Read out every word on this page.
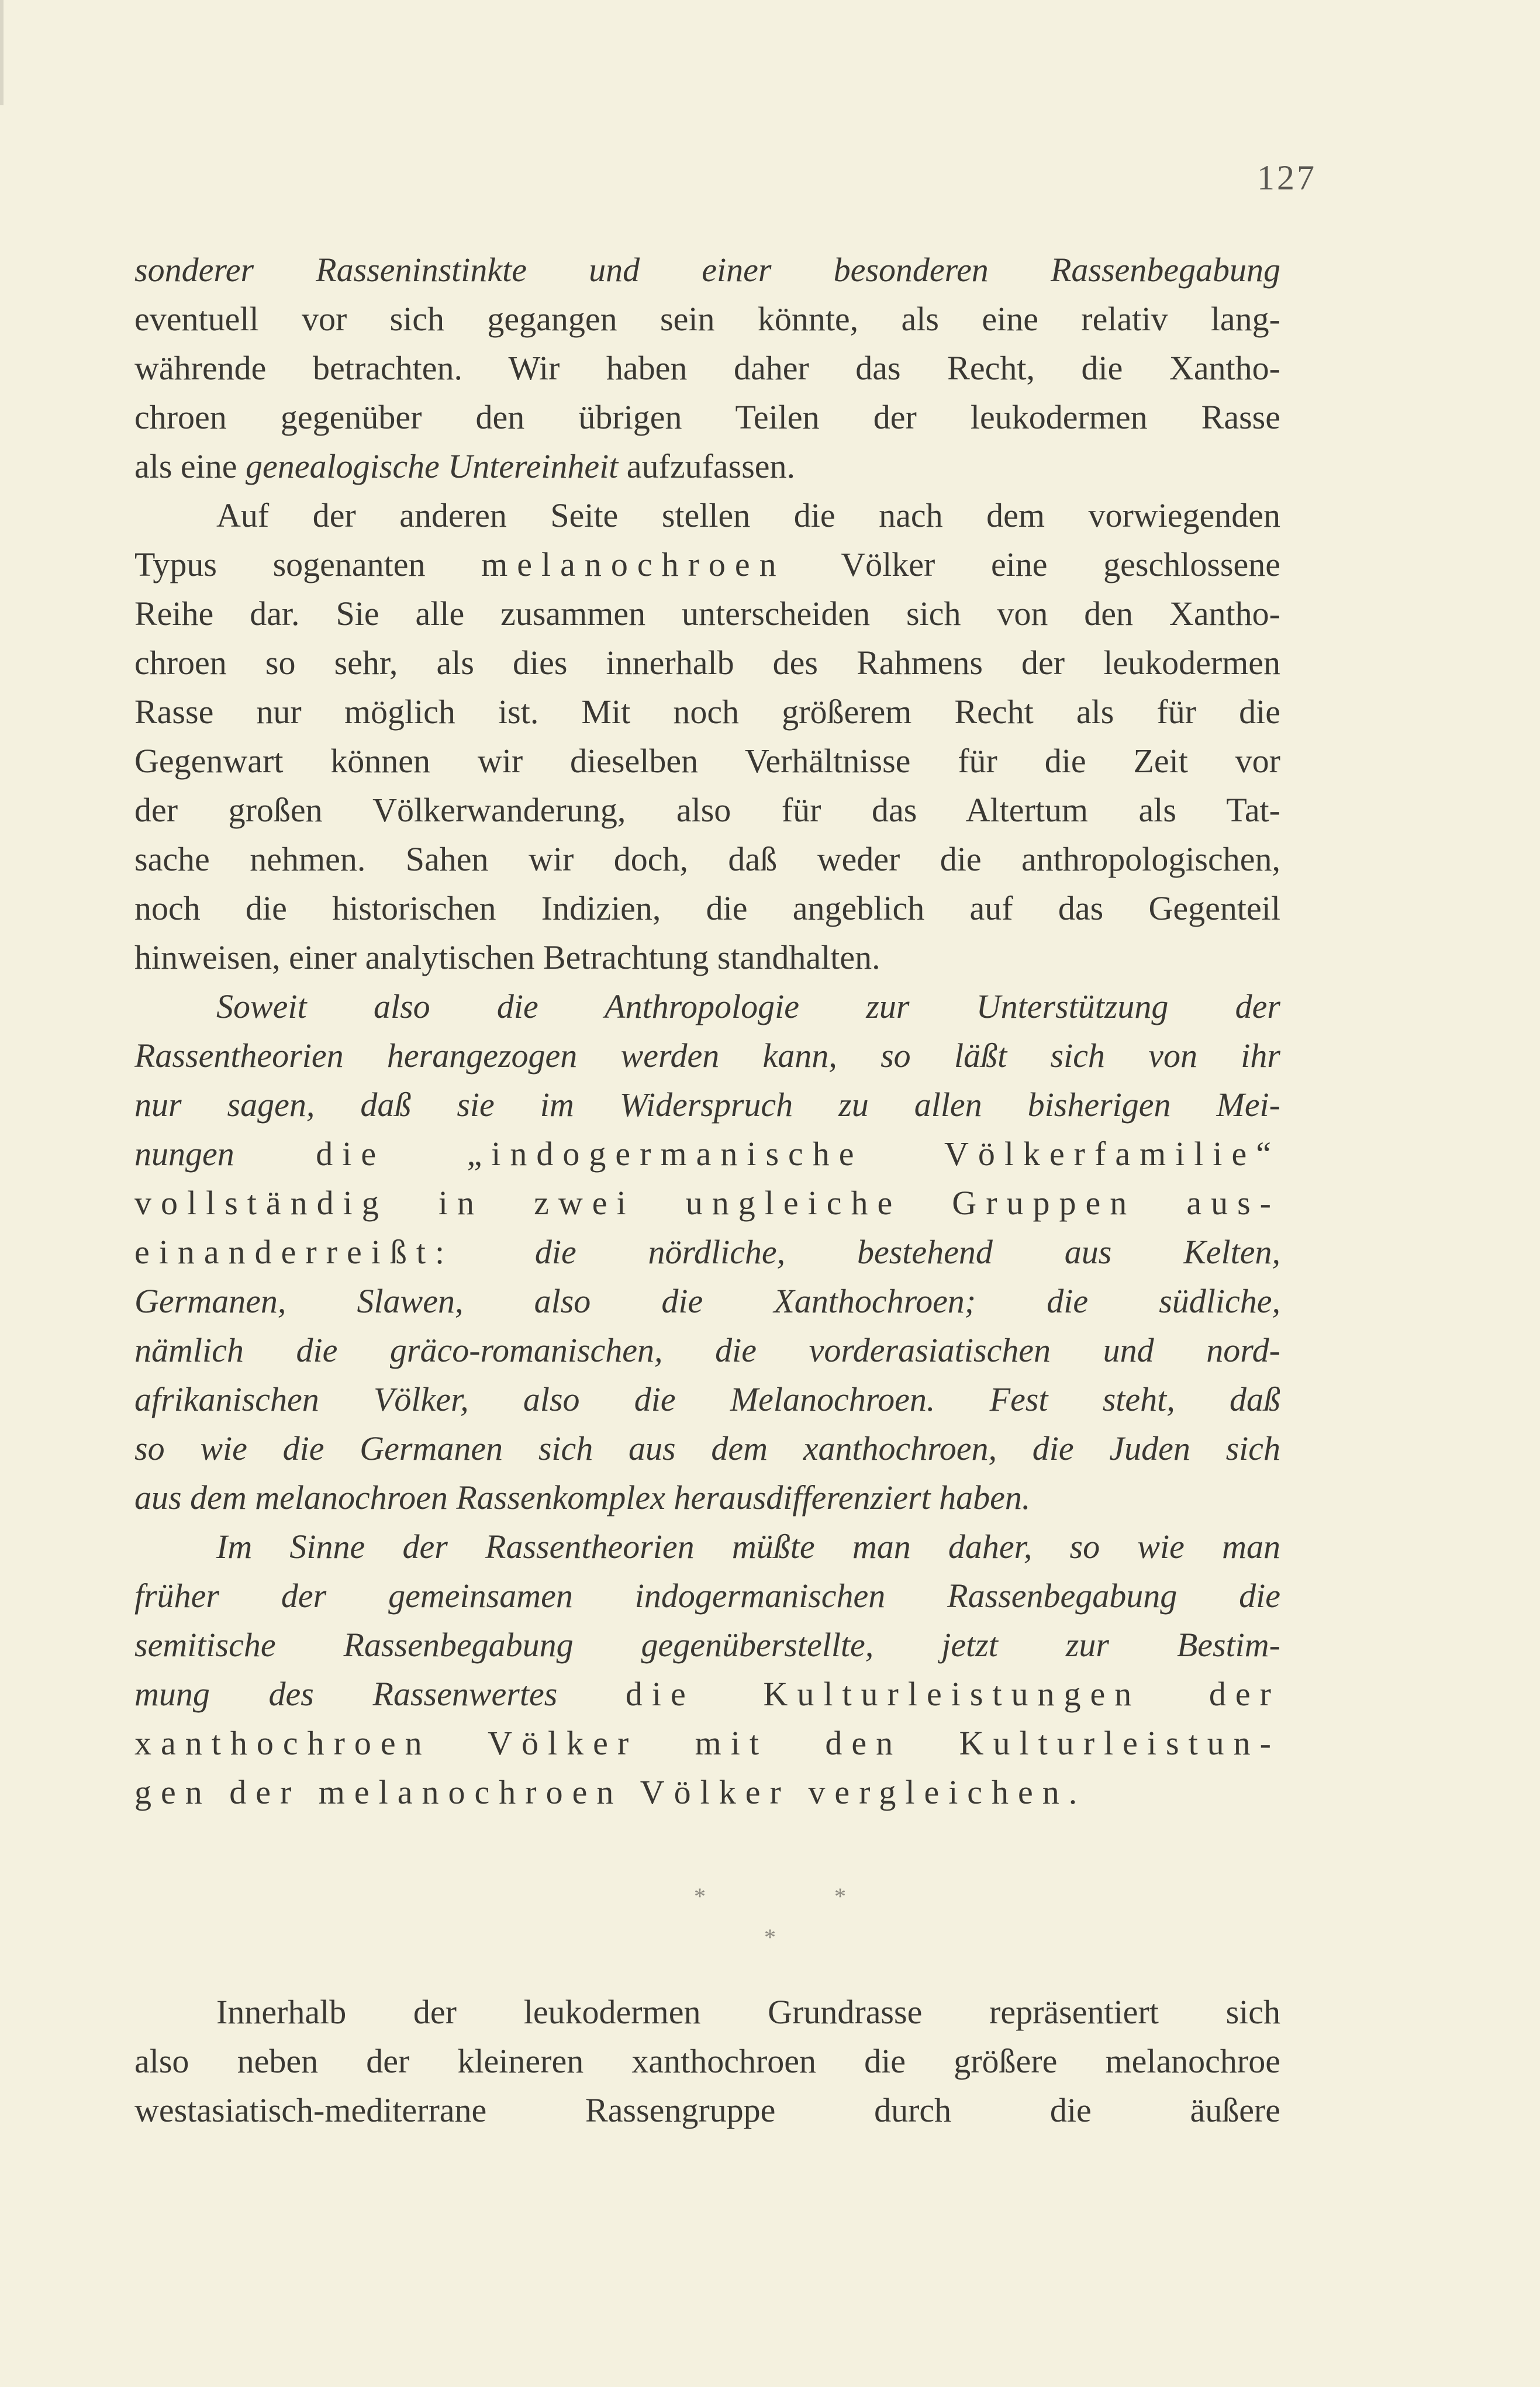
127
sonderer Rasseninstinkte und einer besonderen Rassenbegabung
eventuell vor sich gegangen sein könnte, als eine relativ lang-
währende betrachten. Wir haben daher das Recht, die Xantho-
chroen gegenüber den übrigen Teilen der leukodermen Rasse
als eine genealogische Untereinheit aufzufassen.
Auf der anderen Seite stellen die nach dem vorwiegenden
Typus sogenanten melanochroen Völker eine geschlossene
Reihe dar. Sie alle zusammen unterscheiden sich von den Xantho-
chroen so sehr, als dies innerhalb des Rahmens der leukodermen
Rasse nur möglich ist. Mit noch größerem Recht als für die
Gegenwart können wir dieselben Verhältnisse für die Zeit vor
der großen Völkerwanderung, also für das Altertum als Tat-
sache nehmen. Sahen wir doch, daß weder die anthropologischen,
noch die historischen Indizien, die angeblich auf das Gegenteil
hinweisen, einer analytischen Betrachtung standhalten.
Soweit also die Anthropologie zur Unterstützung der
Rassentheorien herangezogen werden kann, so läßt sich von ihr
nur sagen, daß sie im Widerspruch zu allen bisherigen Mei-
nungen die „indogermanische Völkerfamilie“
vollständig in zwei ungleiche Gruppen aus-
einanderreißt: die nördliche, bestehend aus Kelten,
Germanen, Slawen, also die Xanthochroen; die südliche,
nämlich die gräco-romanischen, die vorderasiatischen und nord-
afrikanischen Völker, also die Melanochroen. Fest steht, daß
so wie die Germanen sich aus dem xanthochroen, die Juden sich
aus dem melanochroen Rassenkomplex herausdifferenziert haben.
Im Sinne der Rassentheorien müßte man daher, so wie man
früher der gemeinsamen indogermanischen Rassenbegabung die
semitische Rassenbegabung gegenüberstellte, jetzt zur Bestim-
mung des Rassenwertes die Kulturleistungen der
xanthochroen Völker mit den Kulturleistun-
gen der melanochroen Völker vergleichen.
**
*
Innerhalb der leukodermen Grundrasse repräsentiert sich
also neben der kleineren xanthochroen die größere melanochroe
westasiatisch-mediterrane Rassengruppe durch die äußere
